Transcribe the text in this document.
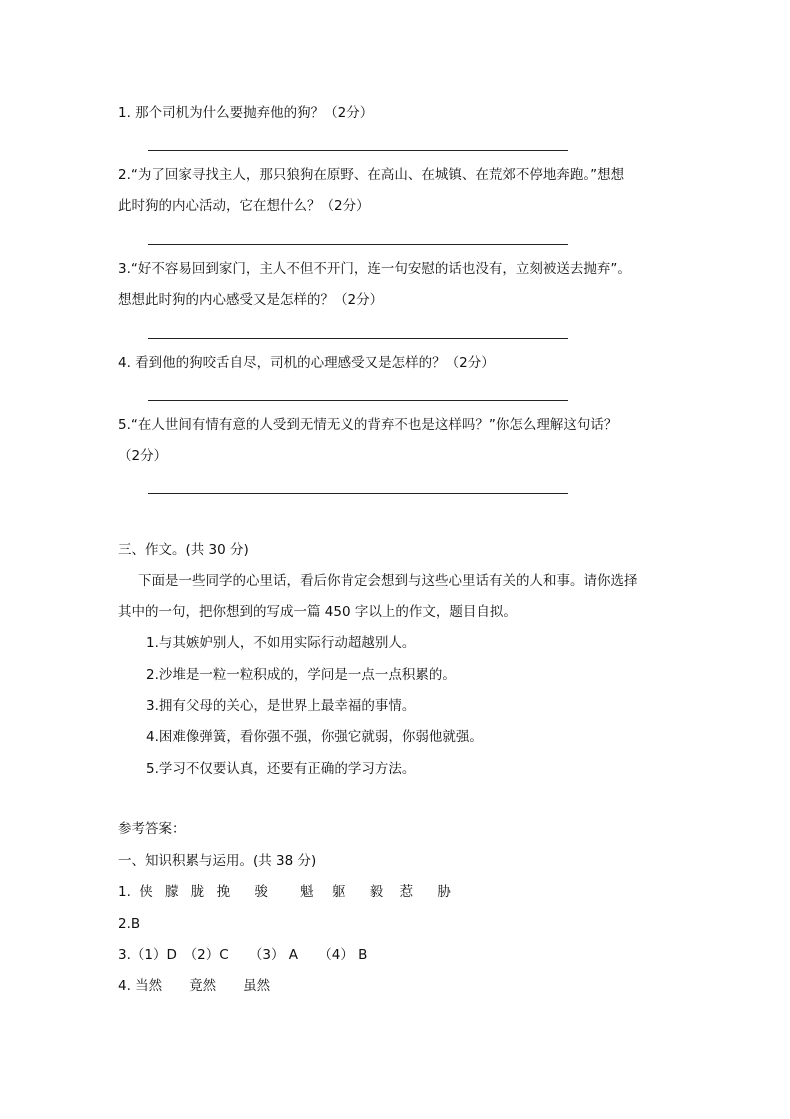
1. 那个司机为什么要抛弃他的狗？（2分）
2.“为了回家寻找主人，那只狼狗在原野、在高山、在城镇、在荒郊不停地奔跑。”想想
此时狗的内心活动，它在想什么？（2分）
3.“好不容易回到家门，主人不但不开门，连一句安慰的话也没有，立刻被送去抛弃”。
想想此时狗的内心感受又是怎样的？（2分）
4. 看到他的狗咬舌自尽，司机的心理感受又是怎样的？（2分）
5.“在人世间有情有意的人受到无情无义的背弃不也是这样吗？”你怎么理解这句话？
（2分）
三、作文。(共 30 分)
下面是一些同学的心里话，看后你肯定会想到与这些心里话有关的人和事。请你选择
其中的一句，把你想到的写成一篇 450 字以上的作文，题目自拟。
1.与其嫉妒别人，不如用实际行动超越别人。
2.沙堆是一粒一粒积成的，学问是一点一点积累的。
3.拥有父母的关心，是世界上最幸福的事情。
4.困难像弹簧，看你强不强，你强它就弱，你弱他就强。
5.学习不仅要认真，还要有正确的学习方法。
参考答案：
一、知识积累与运用。(共 38 分)
1. 侠 朦 胧 挽 骏 魁 躯 毅 惹 胁
2.B
3.（1）D　（2）C　　（3） A　　（4） B
4. 当然　　竟然　　虽然
